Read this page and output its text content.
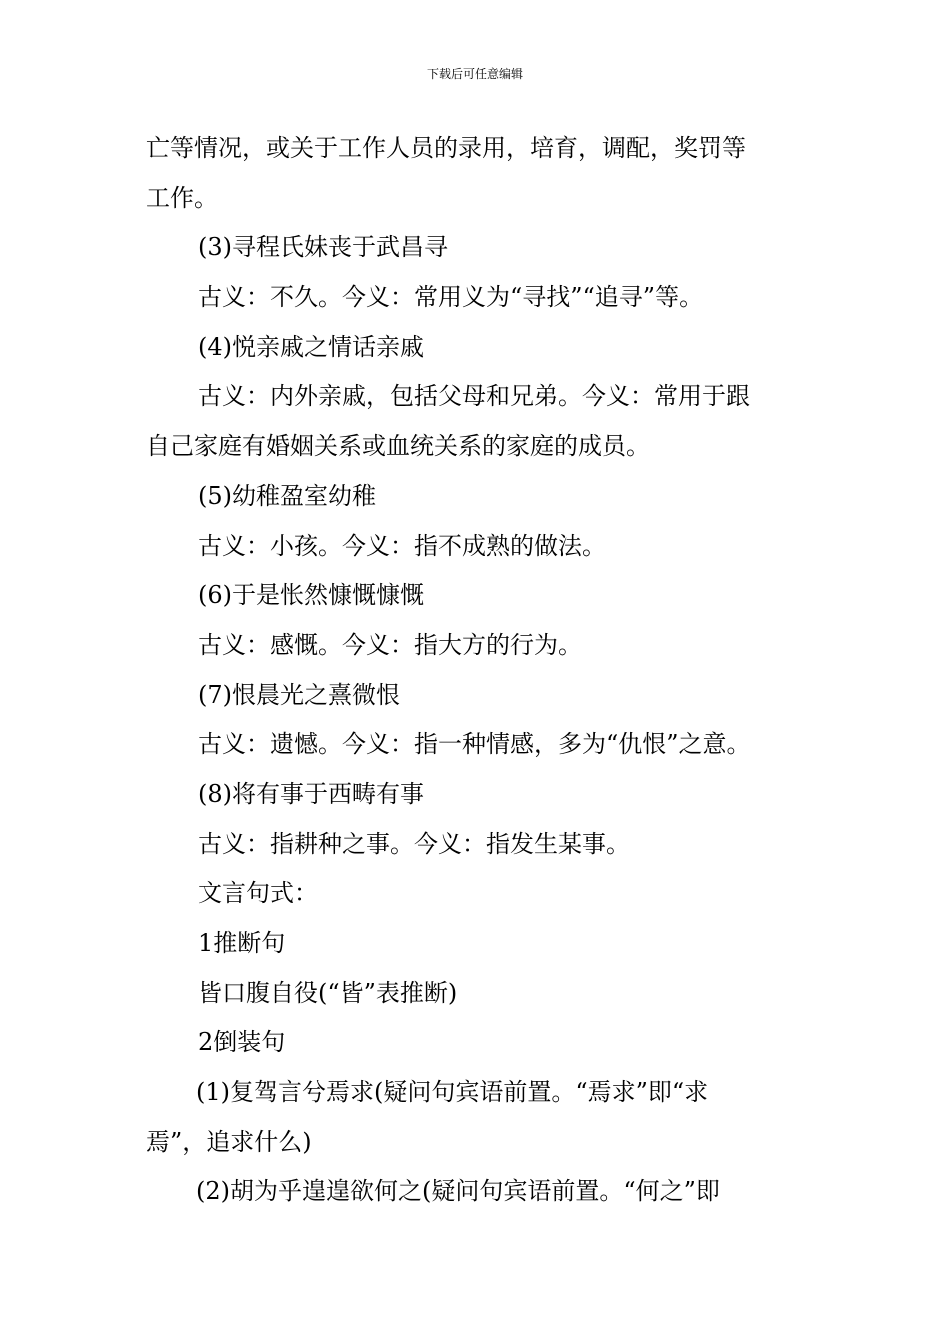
下载后可任意编辑
亡等情况，或关于工作人员的录用，培育，调配，奖罚等
工作。
(3)寻程氏妹丧于武昌寻
古义：不久。今义：常用义为“寻找”“追寻”等。
(4)悦亲戚之情话亲戚
古义：内外亲戚，包括父母和兄弟。今义：常用于跟
自己家庭有婚姻关系或血统关系的家庭的成员。
(5)幼稚盈室幼稚
古义：小孩。今义：指不成熟的做法。
(6)于是怅然慷慨慷慨
古义：感慨。今义：指大方的行为。
(7)恨晨光之熹微恨
古义：遗憾。今义：指一种情感，多为“仇恨”之意。
(8)将有事于西畴有事
古义：指耕种之事。今义：指发生某事。
文言句式：
1推断句
皆口腹自役(“皆”表推断)
2倒装句
(1)复驾言兮焉求(疑问句宾语前置。“焉求”即“求
焉”，追求什么)
(2)胡为乎遑遑欲何之(疑问句宾语前置。“何之”即
